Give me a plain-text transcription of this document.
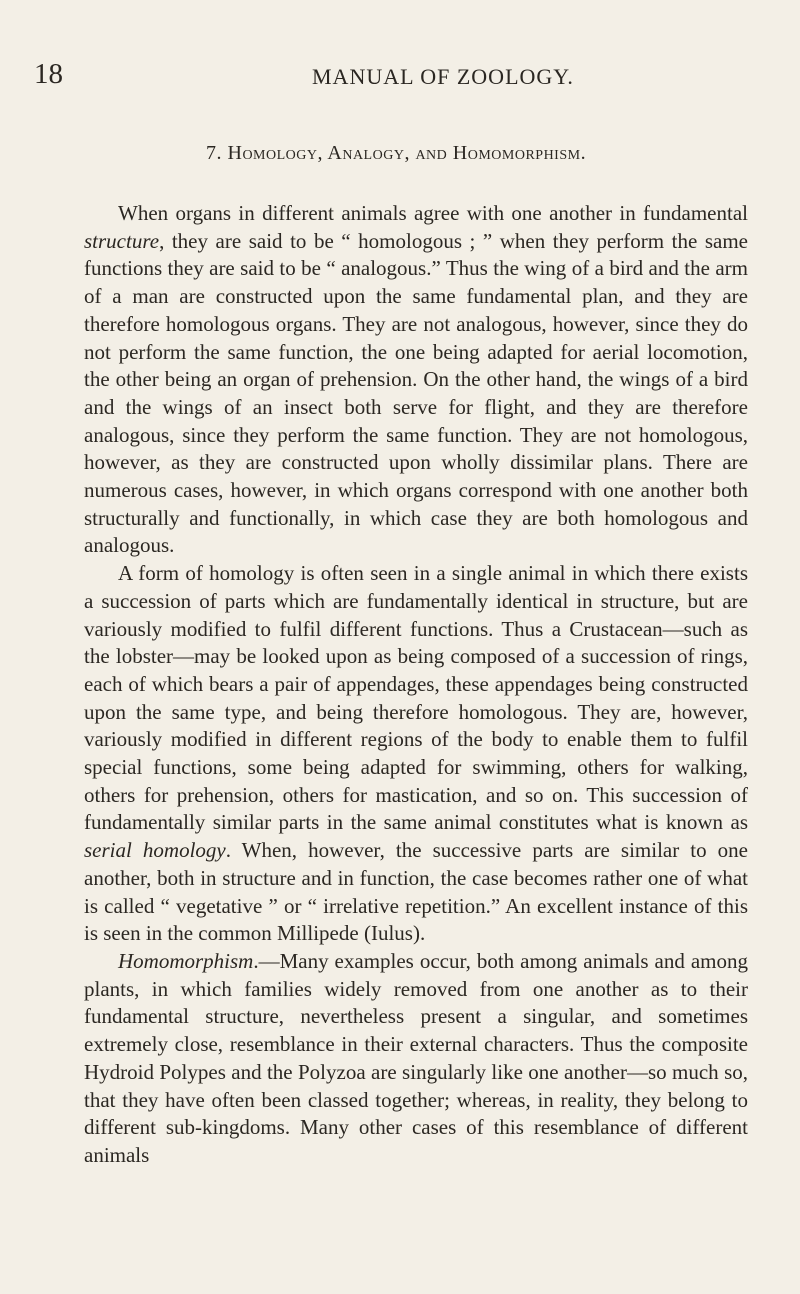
18	MANUAL OF ZOOLOGY.
7. Homology, Analogy, and Homomorphism.

When organs in different animals agree with one another in fundamental structure, they are said to be “ homologous ; ” when they perform the same functions they are said to be “ analogous.” Thus the wing of a bird and the arm of a man are constructed upon the same fundamental plan, and they are therefore homologous organs. They are not analogous, however, since they do not perform the same function, the one being adapted for aerial locomotion, the other being an organ of prehension. On the other hand, the wings of a bird and the wings of an insect both serve for flight, and they are therefore analogous, since they perform the same function. They are not homologous, however, as they are constructed upon wholly dissimilar plans. There are numerous cases, however, in which organs correspond with one another both structurally and functionally, in which case they are both homologous and analogous.

A form of homology is often seen in a single animal in which there exists a succession of parts which are fundamentally identical in structure, but are variously modified to fulfil different functions. Thus a Crustacean—such as the lobster—may be looked upon as being composed of a succession of rings, each of which bears a pair of appendages, these appendages being constructed upon the same type, and being therefore homologous. They are, however, variously modified in different regions of the body to enable them to fulfil special functions, some being adapted for swimming, others for walking, others for prehension, others for mastication, and so on. This succession of fundamentally similar parts in the same animal constitutes what is known as serial homology. When, however, the successive parts are similar to one another, both in structure and in function, the case becomes rather one of what is called “ vegetative ” or “ irrelative repetition.” An excellent instance of this is seen in the common Millipede (Iulus).

Homomorphism.—Many examples occur, both among animals and among plants, in which families widely removed from one another as to their fundamental structure, nevertheless present a singular, and sometimes extremely close, resemblance in their external characters. Thus the composite Hydroid Polypes and the Polyzoa are singularly like one another—so much so, that they have often been classed together; whereas, in reality, they belong to different sub-kingdoms. Many other cases of this resemblance of different animals
